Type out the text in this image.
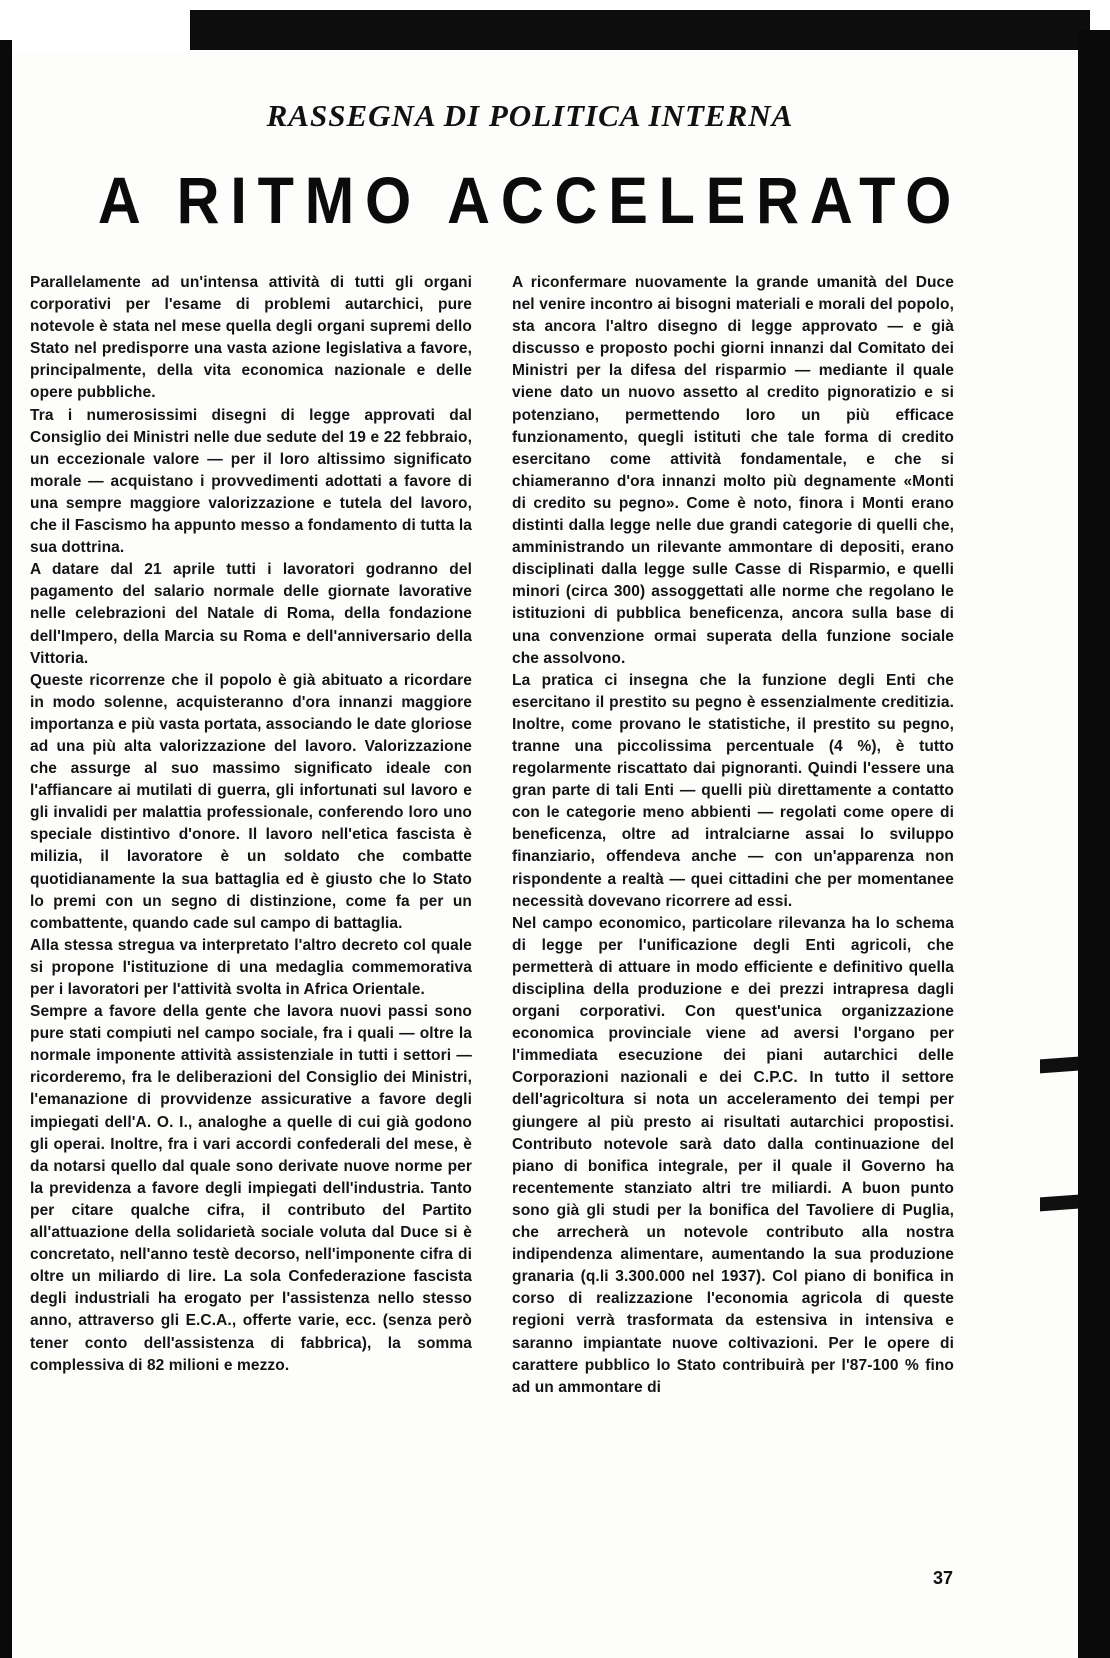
RASSEGNA DI POLITICA INTERNA
A RITMO ACCELERATO

Parallelamente ad un'intensa attività di tutti gli organi corporativi per l'esame di problemi autarchici, pure notevole è stata nel mese quella degli organi supremi dello Stato nel predisporre una vasta azione legislativa a favore, principalmente, della vita economica nazionale e delle opere pubbliche.

Tra i numerosissimi disegni di legge approvati dal Consiglio dei Ministri nelle due sedute del 19 e 22 febbraio, un eccezionale valore — per il loro altissimo significato morale — acquistano i provvedimenti adottati a favore di una sempre maggiore valorizzazione e tutela del lavoro, che il Fascismo ha appunto messo a fondamento di tutta la sua dottrina.

A datare dal 21 aprile tutti i lavoratori godranno del pagamento del salario normale delle giornate lavorative nelle celebrazioni del Natale di Roma, della fondazione dell'Impero, della Marcia su Roma e dell'anniversario della Vittoria.

Queste ricorrenze che il popolo è già abituato a ricordare in modo solenne, acquisteranno d'ora innanzi maggiore importanza e più vasta portata, associando le date gloriose ad una più alta valorizzazione del lavoro. Valorizzazione che assurge al suo massimo significato ideale con l'affiancare ai mutilati di guerra, gli infortunati sul lavoro e gli invalidi per malattia professionale, conferendo loro uno speciale distintivo d'onore. Il lavoro nell'etica fascista è milizia, il lavoratore è un soldato che combatte quotidianamente la sua battaglia ed è giusto che lo Stato lo premi con un segno di distinzione, come fa per un combattente, quando cade sul campo di battaglia.

Alla stessa stregua va interpretato l'altro decreto col quale si propone l'istituzione di una medaglia commemorativa per i lavoratori per l'attività svolta in Africa Orientale.

Sempre a favore della gente che lavora nuovi passi sono pure stati compiuti nel campo sociale, fra i quali — oltre la normale imponente attività assistenziale in tutti i settori — ricorderemo, fra le deliberazioni del Consiglio dei Ministri, l'emanazione di provvidenze assicurative a favore degli impiegati dell'A. O. I., analoghe a quelle di cui già godono gli operai. Inoltre, fra i vari accordi confederali del mese, è da notarsi quello dal quale sono derivate nuove norme per la previdenza a favore degli impiegati dell'industria. Tanto per citare qualche cifra, il contributo del Partito all'attuazione della solidarietà sociale voluta dal Duce si è concretato, nell'anno testè decorso, nell'imponente cifra di oltre un miliardo di lire. La sola Confederazione fascista degli industriali ha erogato per l'assistenza nello stesso anno, attraverso gli E.C.A., offerte varie, ecc. (senza però tener conto dell'assistenza di fabbrica), la somma complessiva di 82 milioni e mezzo.

A riconfermare nuovamente la grande umanità del Duce nel venire incontro ai bisogni materiali e morali del popolo, sta ancora l'altro disegno di legge approvato — e già discusso e proposto pochi giorni innanzi dal Comitato dei Ministri per la difesa del risparmio — mediante il quale viene dato un nuovo assetto al credito pignoratizio e si potenziano, permettendo loro un più efficace funzionamento, quegli istituti che tale forma di credito esercitano come attività fondamentale, e che si chiameranno d'ora innanzi molto più degnamente «Monti di credito su pegno». Come è noto, finora i Monti erano distinti dalla legge nelle due grandi categorie di quelli che, amministrando un rilevante ammontare di depositi, erano disciplinati dalla legge sulle Casse di Risparmio, e quelli minori (circa 300) assoggettati alle norme che regolano le istituzioni di pubblica beneficenza, ancora sulla base di una convenzione ormai superata della funzione sociale che assolvono.

La pratica ci insegna che la funzione degli Enti che esercitano il prestito su pegno è essenzialmente creditizia. Inoltre, come provano le statistiche, il prestito su pegno, tranne una piccolissima percentuale (4 %), è tutto regolarmente riscattato dai pignoranti. Quindi l'essere una gran parte di tali Enti — quelli più direttamente a contatto con le categorie meno abbienti — regolati come opere di beneficenza, oltre ad intralciarne assai lo sviluppo finanziario, offendeva anche — con un'apparenza non rispondente a realtà — quei cittadini che per momentanee necessità dovevano ricorrere ad essi.

Nel campo economico, particolare rilevanza ha lo schema di legge per l'unificazione degli Enti agricoli, che permetterà di attuare in modo efficiente e definitivo quella disciplina della produzione e dei prezzi intrapresa dagli organi corporativi. Con quest'unica organizzazione economica provinciale viene ad aversi l'organo per l'immediata esecuzione dei piani autarchici delle Corporazioni nazionali e dei C.P.C. In tutto il settore dell'agricoltura si nota un acceleramento dei tempi per giungere al più presto ai risultati autarchici propostisi. Contributo notevole sarà dato dalla continuazione del piano di bonifica integrale, per il quale il Governo ha recentemente stanziato altri tre miliardi. A buon punto sono già gli studi per la bonifica del Tavoliere di Puglia, che arrecherà un notevole contributo alla nostra indipendenza alimentare, aumentando la sua produzione granaria (q.li 3.300.000 nel 1937). Col piano di bonifica in corso di realizzazione l'economia agricola di queste regioni verrà trasformata da estensiva in intensiva e saranno impiantate nuove coltivazioni. Per le opere di carattere pubblico lo Stato contribuirà per l'87-100 % fino ad un ammontare di

37
